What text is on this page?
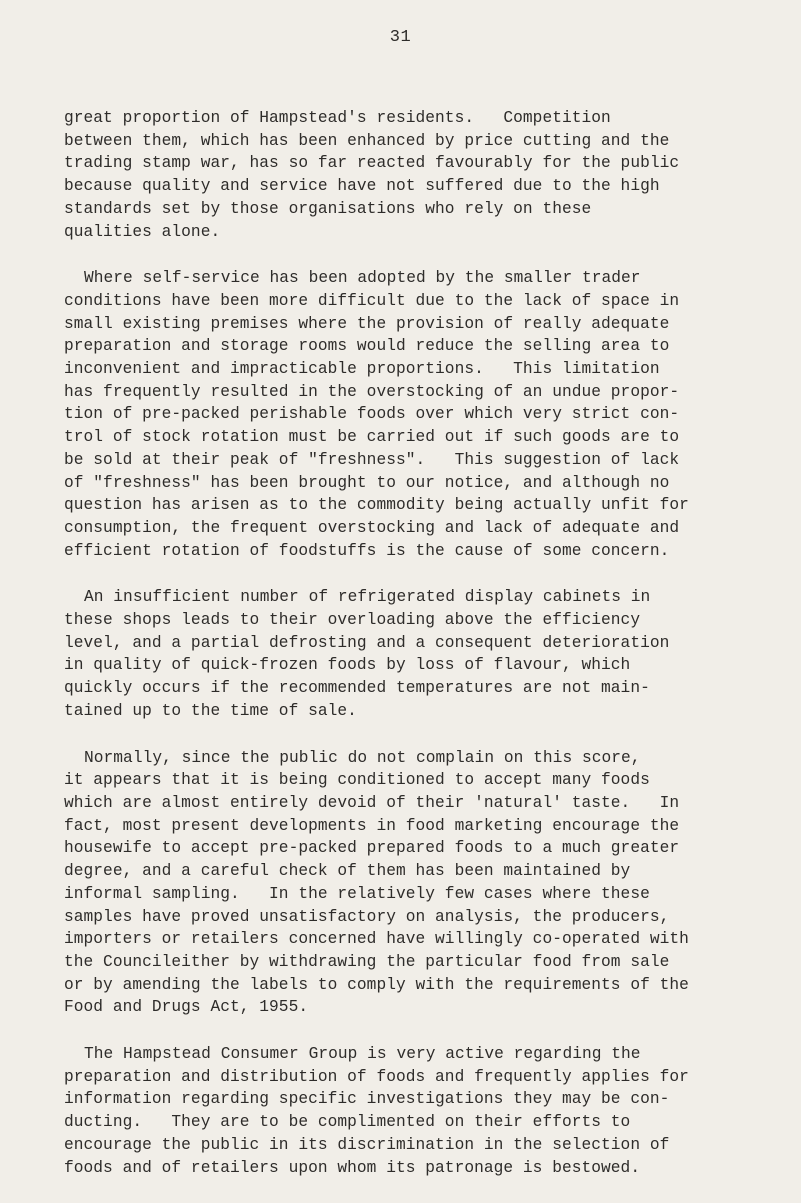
31
great proportion of Hampstead's residents.   Competition
between them, which has been enhanced by price cutting and the
trading stamp war, has so far reacted favourably for the public
because quality and service have not suffered due to the high
standards set by those organisations who rely on these
qualities alone.
Where self-service has been adopted by the smaller trader
conditions have been more difficult due to the lack of space in
small existing premises where the provision of really adequate
preparation and storage rooms would reduce the selling area to
inconvenient and impracticable proportions.   This limitation
has frequently resulted in the overstocking of an undue propor-
tion of pre-packed perishable foods over which very strict con-
trol of stock rotation must be carried out if such goods are to
be sold at their peak of "freshness".   This suggestion of lack
of "freshness" has been brought to our notice, and although no
question has arisen as to the commodity being actually unfit for
consumption, the frequent overstocking and lack of adequate and
efficient rotation of foodstuffs is the cause of some concern.
An insufficient number of refrigerated display cabinets in
these shops leads to their overloading above the efficiency
level, and a partial defrosting and a consequent deterioration
in quality of quick-frozen foods by loss of flavour, which
quickly occurs if the recommended temperatures are not main-
tained up to the time of sale.
Normally, since the public do not complain on this score,
it appears that it is being conditioned to accept many foods
which are almost entirely devoid of their 'natural' taste.   In
fact, most present developments in food marketing encourage the
housewife to accept pre-packed prepared foods to a much greater
degree, and a careful check of them has been maintained by
informal sampling.   In the relatively few cases where these
samples have proved unsatisfactory on analysis, the producers,
importers or retailers concerned have willingly co-operated with
the Councileither by withdrawing the particular food from sale
or by amending the labels to comply with the requirements of the
Food and Drugs Act, 1955.
The Hampstead Consumer Group is very active regarding the
preparation and distribution of foods and frequently applies for
information regarding specific investigations they may be con-
ducting.   They are to be complimented on their efforts to
encourage the public in its discrimination in the selection of
foods and of retailers upon whom its patronage is bestowed.
